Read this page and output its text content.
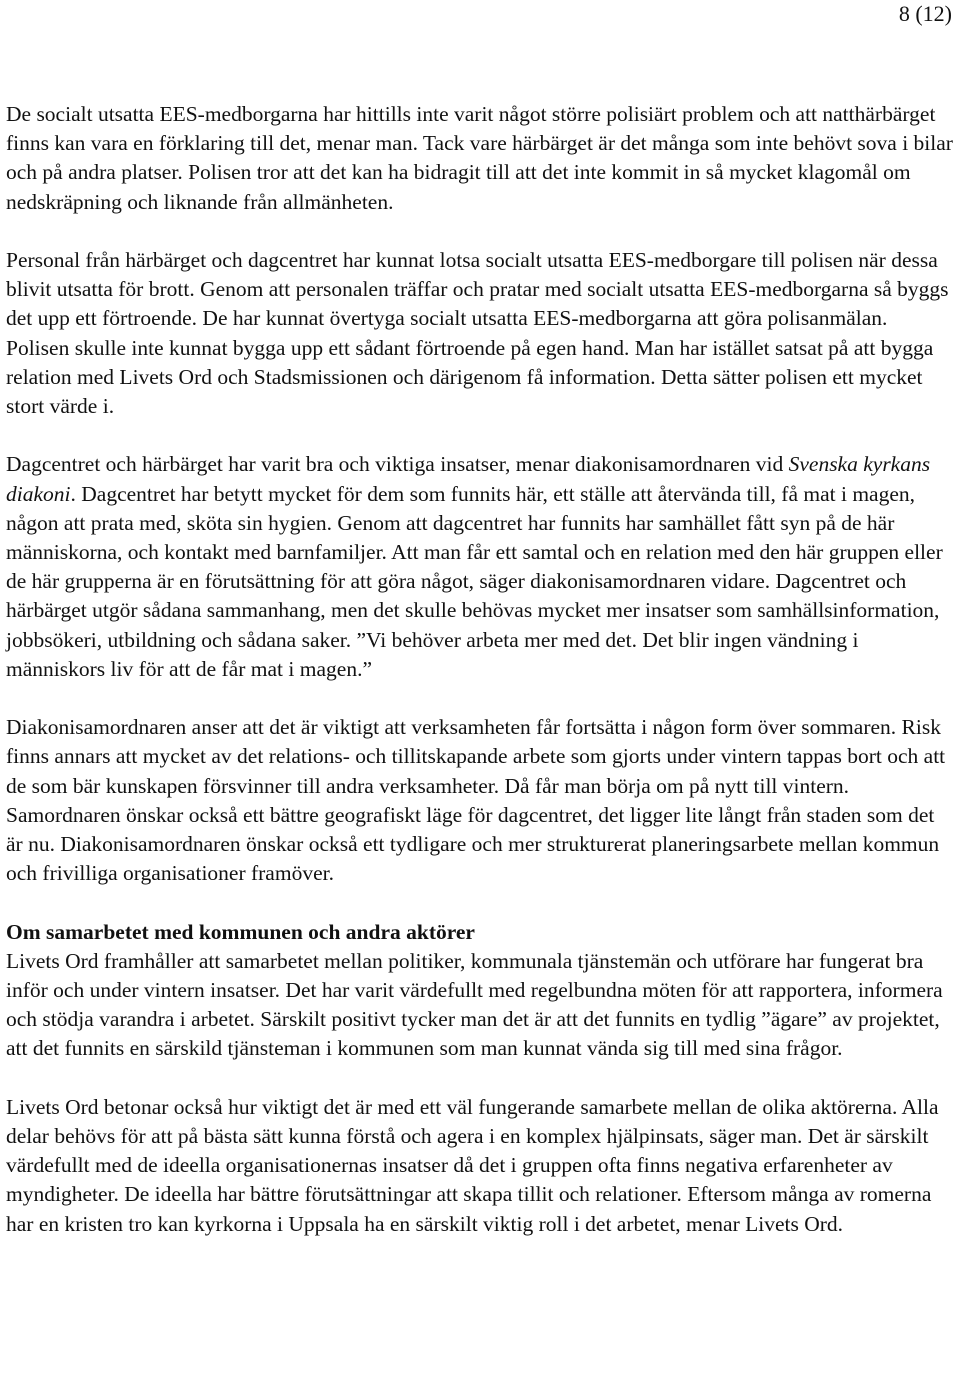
8 (12)

De socialt utsatta EES-medborgarna har hittills inte varit något större polisiärt problem och att natthärbärget finns kan vara en förklaring till det, menar man. Tack vare härbärget är det många som inte behövt sova i bilar och på andra platser. Polisen tror att det kan ha bidragit till att det inte kommit in så mycket klagomål om nedskräpning och liknande från allmänheten.

Personal från härbärget och dagcentret har kunnat lotsa socialt utsatta EES-medborgare till polisen när dessa blivit utsatta för brott. Genom att personalen träffar och pratar med socialt utsatta EES-medborgarna så byggs det upp ett förtroende. De har kunnat övertyga socialt utsatta EES-medborgarna att göra polisanmälan. Polisen skulle inte kunnat bygga upp ett sådant förtroende på egen hand. Man har istället satsat på att bygga relation med Livets Ord och Stadsmissionen och därigenom få information. Detta sätter polisen ett mycket stort värde i.

Dagcentret och härbärget har varit bra och viktiga insatser, menar diakonisamordnaren vid Svenska kyrkans diakoni. Dagcentret har betytt mycket för dem som funnits här, ett ställe att återvända till, få mat i magen, någon att prata med, sköta sin hygien. Genom att dagcentret har funnits har samhället fått syn på de här människorna, och kontakt med barnfamiljer. Att man får ett samtal och en relation med den här gruppen eller de här grupperna är en förutsättning för att göra något, säger diakonisamordnaren vidare. Dagcentret och härbärget utgör sådana sammanhang, men det skulle behövas mycket mer insatser som samhällsinformation, jobbsökeri, utbildning och sådana saker. ”Vi behöver arbeta mer med det. Det blir ingen vändning i människors liv för att de får mat i magen.”

Diakonisamordnaren anser att det är viktigt att verksamheten får fortsätta i någon form över sommaren. Risk finns annars att mycket av det relations- och tillitskapande arbete som gjorts under vintern tappas bort och att de som bär kunskapen försvinner till andra verksamheter. Då får man börja om på nytt till vintern. Samordnaren önskar också ett bättre geografiskt läge för dagcentret, det ligger lite långt från staden som det är nu. Diakonisamordnaren önskar också ett tydligare och mer strukturerat planeringsarbete mellan kommun och frivilliga organisationer framöver.

Om samarbetet med kommunen och andra aktörer

Livets Ord framhåller att samarbetet mellan politiker, kommunala tjänstemän och utförare har fungerat bra inför och under vintern insatser. Det har varit värdefullt med regelbundna möten för att rapportera, informera och stödja varandra i arbetet. Särskilt positivt tycker man det är att det funnits en tydlig ”ägare” av projektet, att det funnits en särskild tjänsteman i kommunen som man kunnat vända sig till med sina frågor.

Livets Ord betonar också hur viktigt det är med ett väl fungerande samarbete mellan de olika aktörerna. Alla delar behövs för att på bästa sätt kunna förstå och agera i en komplex hjälpinsats, säger man. Det är särskilt värdefullt med de ideella organisationernas insatser då det i gruppen ofta finns negativa erfarenheter av myndigheter. De ideella har bättre förutsättningar att skapa tillit och relationer. Eftersom många av romerna har en kristen tro kan kyrkorna i Uppsala ha en särskilt viktig roll i det arbetet, menar Livets Ord.
